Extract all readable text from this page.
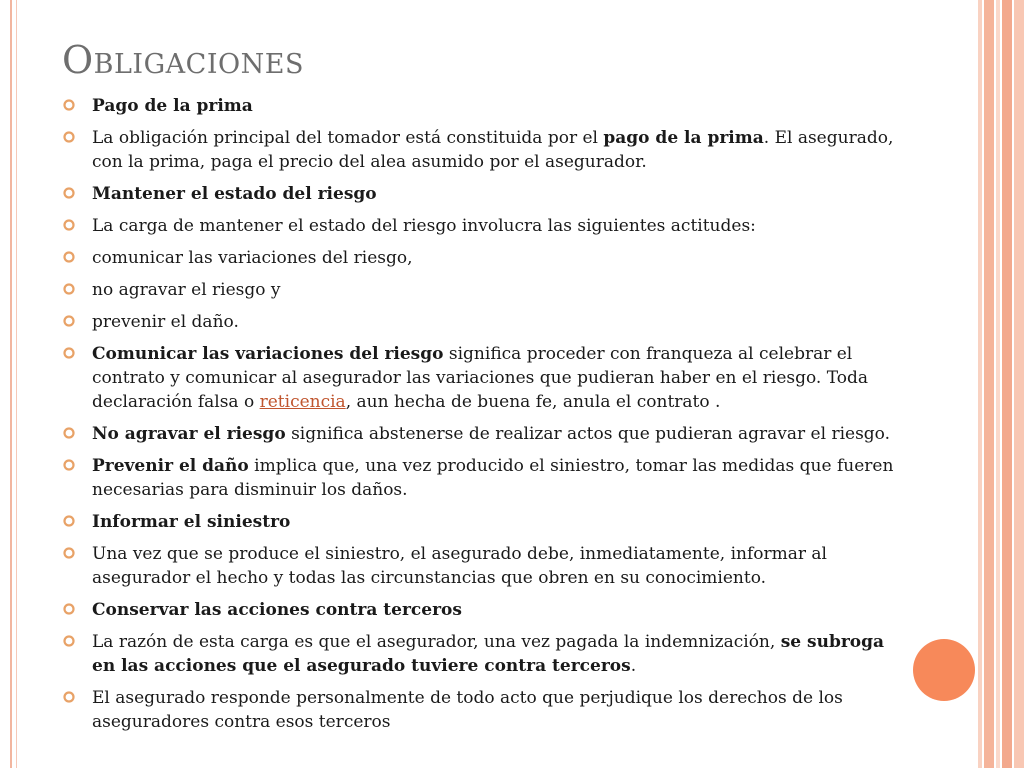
Obligaciones
Pago de la prima
La obligación principal del tomador está constituida por el pago de la prima. El asegurado, con la prima, paga el precio del alea asumido por el asegurador.
Mantener el estado del riesgo
La carga de mantener el estado del riesgo involucra las siguientes actitudes:
comunicar las variaciones del riesgo,
no agravar el riesgo y
prevenir el daño.
Comunicar las variaciones del riesgo significa proceder con franqueza al celebrar el contrato y comunicar al asegurador las variaciones que pudieran haber en el riesgo. Toda declaración falsa o reticencia, aun hecha de buena fe, anula el contrato .
No agravar el riesgo significa abstenerse de realizar actos que pudieran agravar el riesgo.
Prevenir el daño implica que, una vez producido el siniestro, tomar las medidas que fueren necesarias para disminuir los daños.
Informar el siniestro
Una vez que se produce el siniestro, el asegurado debe, inmediatamente, informar al asegurador el hecho y todas las circunstancias que obren en su conocimiento.
Conservar las acciones contra terceros
La razón de esta carga es que el asegurador, una vez pagada la indemnización, se subroga en las acciones que el asegurado tuviere contra terceros.
El asegurado responde personalmente de todo acto que perjudique los derechos de los aseguradores contra esos terceros
